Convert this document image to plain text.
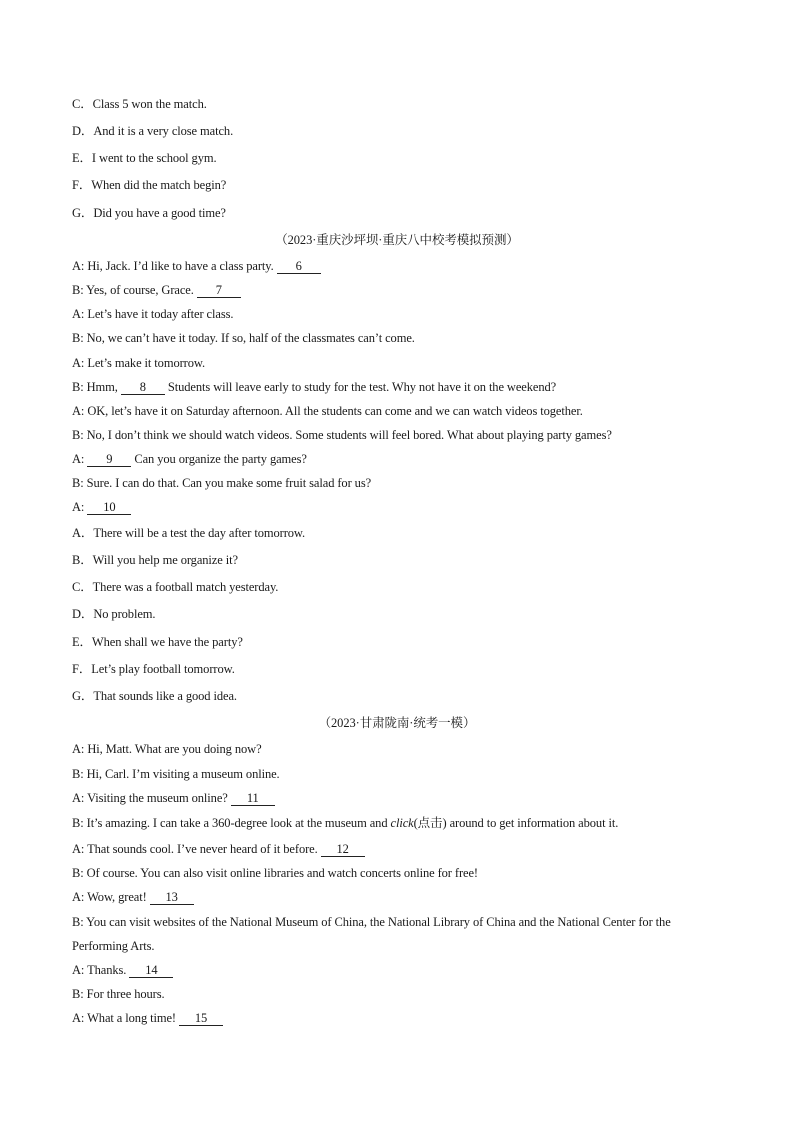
C．Class 5 won the match.
D．And it is a very close match.
E．I went to the school gym.
F．When did the match begin?
G．Did you have a good time?
（2023·重庆沙坪坝·重庆八中校考模拟预测）
A: Hi, Jack. I’d like to have a class party. 6
B: Yes, of course, Grace. 7
A: Let’s have it today after class.
B: No, we can’t have it today. If so, half of the classmates can’t come.
A: Let’s make it tomorrow.
B: Hmm, 8 Students will leave early to study for the test. Why not have it on the weekend?
A: OK, let’s have it on Saturday afternoon. All the students can come and we can watch videos together.
B: No, I don’t think we should watch videos. Some students will feel bored. What about playing party games?
A: 9 Can you organize the party games?
B: Sure. I can do that. Can you make some fruit salad for us?
A: 10
A．There will be a test the day after tomorrow.
B．Will you help me organize it?
C．There was a football match yesterday.
D．No problem.
E．When shall we have the party?
F．Let’s play football tomorrow.
G．That sounds like a good idea.
（2023·甘肃陇南·统考一模）
A: Hi, Matt. What are you doing now?
B: Hi, Carl. I’m visiting a museum online.
A: Visiting the museum online? 11
B: It’s amazing. I can take a 360-degree look at the museum and click(点击) around to get information about it.
A: That sounds cool. I’ve never heard of it before. 12
B: Of course. You can also visit online libraries and watch concerts online for free!
A: Wow, great! 13
B: You can visit websites of the National Museum of China, the National Library of China and the National Center for the Performing Arts.
A: Thanks. 14
B: For three hours.
A: What a long time! 15
